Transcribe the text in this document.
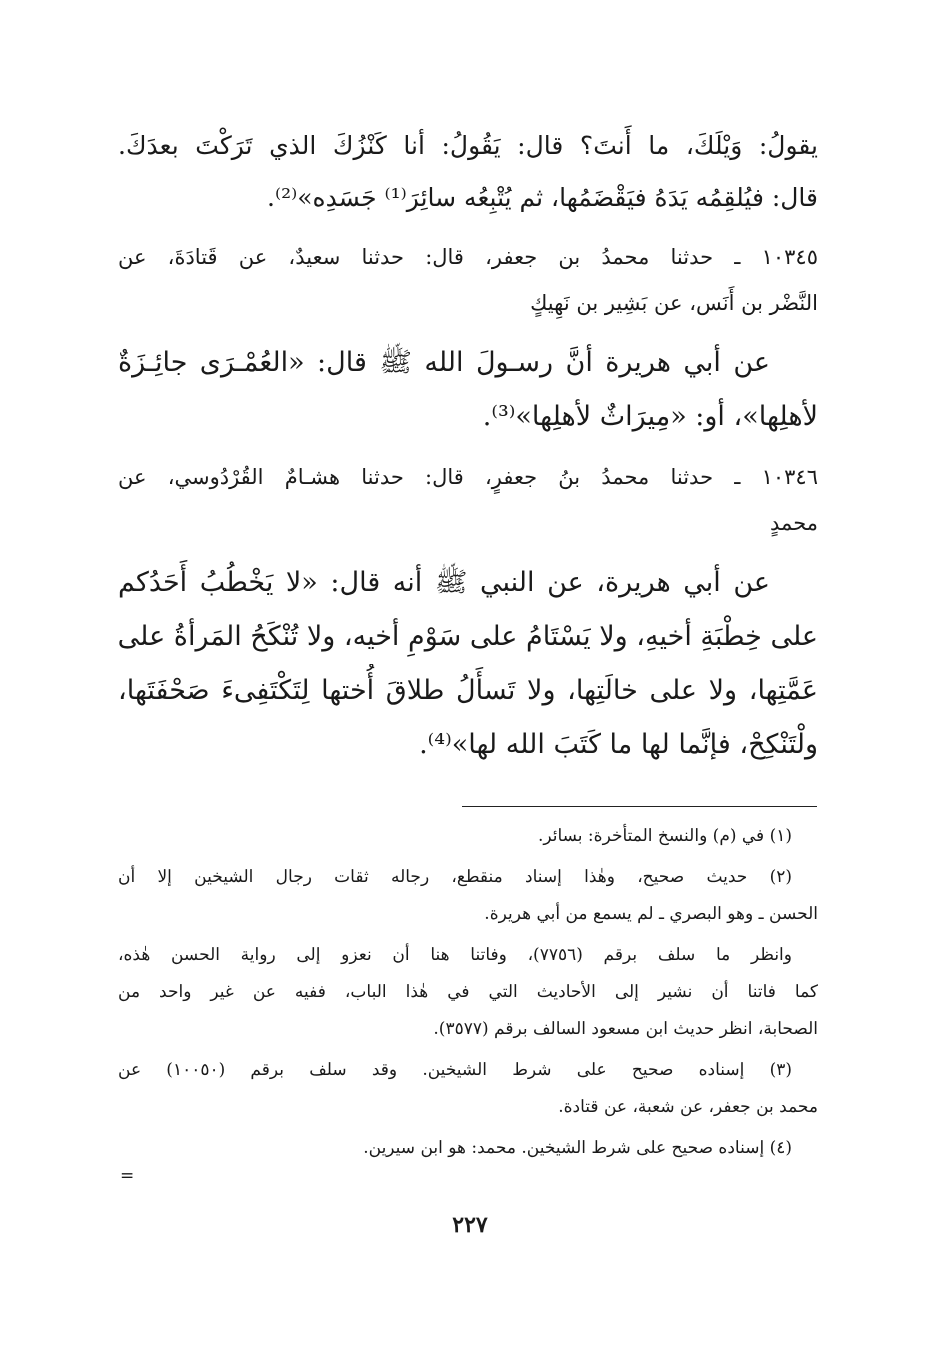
يقولُ: وَيْلَكَ، ما أَنتَ؟ قال: يَقُولُ: أنا كَنْزُكَ الذي تَرَكْتَ بعدَكَ.
قال: فيُلقِمُه يَدَهُ فيَقْضَمُها، ثم يُتْبِعُه سائِرَ⁽¹⁾ جَسَدِه»⁽²⁾.
١٠٣٤٥ ـ حدثنا محمدُ بن جعفر، قال: حدثنا سعيدٌ، عن قَتادَةَ، عن
النَّضْر بن أَنَس، عن بَشِير بن نَهِيكٍ
عن أبي هريرة أنَّ رسـولَ الله ﷺ قال: «العُمْـرَى جائِـزَةٌ
لأهلِها»، أو: «مِيرَاثٌ لأهلِها»⁽³⁾.
١٠٣٤٦ ـ حدثنا محمدُ بنُ جعفرٍ، قال: حدثنا هشـامٌ القُرْدُوسي، عن
محمدٍ
عن أبي هريرة، عن النبي ﷺ أنه قال: «لا يَخْطُبُ أَحَدُكم
على خِطْبَةِ أخيهِ، ولا يَسْتَامُ على سَوْمِ أخيه، ولا تُنْكَحُ المَرأةُ على
عَمَّتِها، ولا على خالَتِها، ولا تَسأَلُ طلاقَ أُختها لِتَكْتَفِىءَ صَحْفَتَها،
ولْتَنْكِحْ، فإنَّما لها ما كَتَبَ الله لها»⁽⁴⁾.
(١) في (م) والنسخ المتأخرة: بسائر.
(٢) حديث صحيح، وهٰذا إسناد منقطع، رجاله ثقات رجال الشيخين إلا أن
الحسن ـ وهو البصري ـ لم يسمع من أبي هريرة.
وانظر ما سلف برقم (٧٧٥٦)، وفاتنا هنا أن نعزو إلى رواية الحسن هٰذه،
كما فاتنا أن نشير إلى الأحاديث التي في هٰذا الباب، ففيه عن غير واحد من
الصحابة، انظر حديث ابن مسعود السالف برقم (٣٥٧٧).
(٣) إسناده صحيح على شرط الشيخين. وقد سلف برقم (١٠٠٥٠) عن
محمد بن جعفر، عن شعبة، عن قتادة.
(٤) إسناده صحيح على شرط الشيخين. محمد: هو ابن سيرين.
=
٢٢٧
